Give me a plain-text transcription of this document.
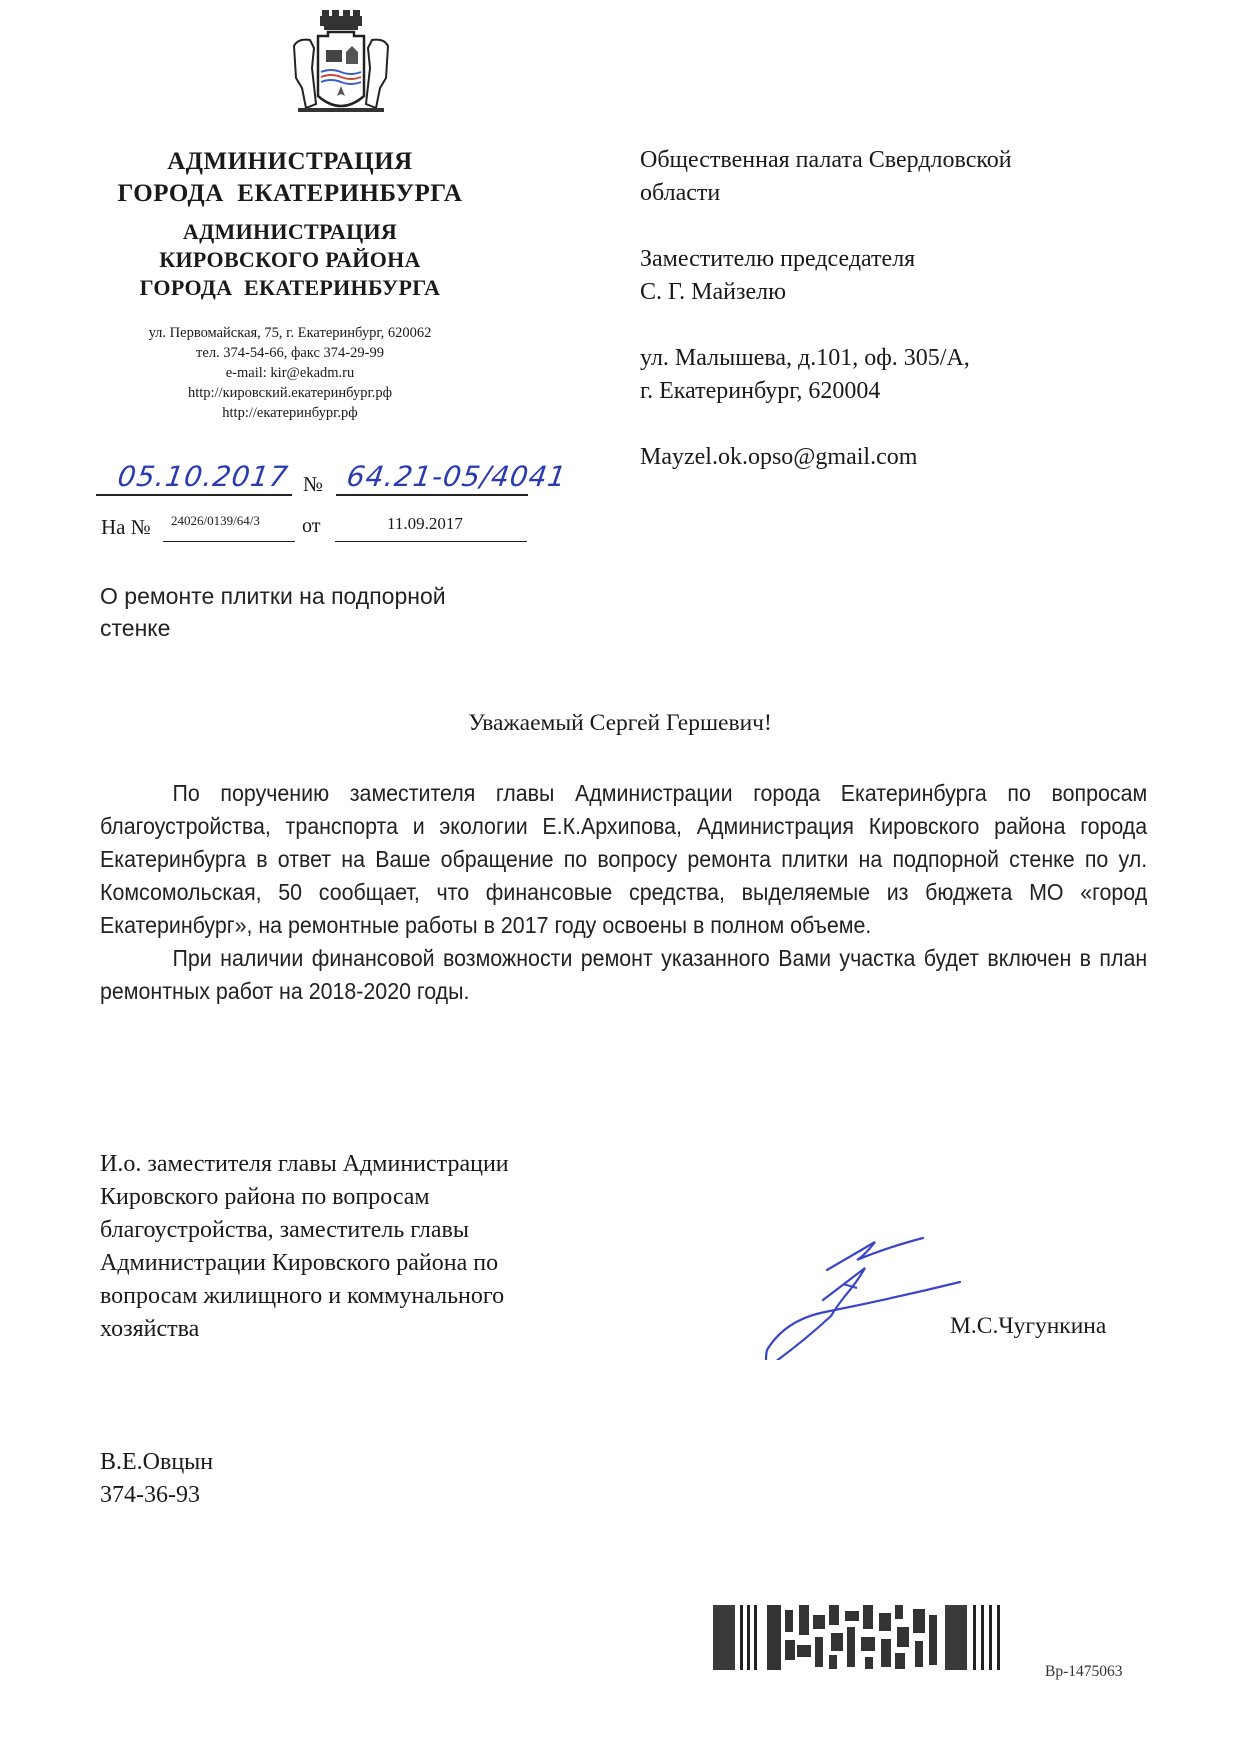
АДМИНИСТРАЦИЯ
ГОРОДА  ЕКАТЕРИНБУРГА
АДМИНИСТРАЦИЯ
КИРОВСКОГО РАЙОНА
ГОРОДА  ЕКАТЕРИНБУРГА
ул. Первомайская, 75, г. Екатеринбург, 620062
тел. 374-54-66, факс 374-29-99
e-mail: kir@ekadm.ru
http://кировский.екатеринбург.рф
http://екатеринбург.рф
05.10.2017 № 64.21-05/4041
На № 24026/0139/64/3 от	11.09.2017
Общественная палата Свердловской
области
Заместителю председателя
С. Г. Майзелю
ул. Малышева, д.101, оф. 305/А,
г. Екатеринбург, 620004
Mayzel.ok.opso@gmail.com
О ремонте плитки на подпорной
стенке
Уважаемый Сергей Гершевич!

По поручению заместителя главы Администрации города Екатеринбурга по вопросам благоустройства, транспорта и экологии Е.К.Архипова, Администрация Кировского района города Екатеринбурга в ответ на Ваше обращение по вопросу ремонта плитки на подпорной стенке по ул. Комсомольская, 50 сообщает, что финансовые средства, выделяемые из бюджета МО «город Екатеринбург», на ремонтные работы в 2017 году освоены в полном объеме.

При наличии финансовой возможности ремонт указанного Вами участка будет включен в план ремонтных работ на 2018-2020 годы.

И.о. заместителя главы Администрации
Кировского района по вопросам
благоустройства, заместитель главы
Администрации Кировского района по
вопросам жилищного и коммунального
хозяйства	М.С.Чугункина
В.Е.Овцын
374-36-93
Вр-1475063
